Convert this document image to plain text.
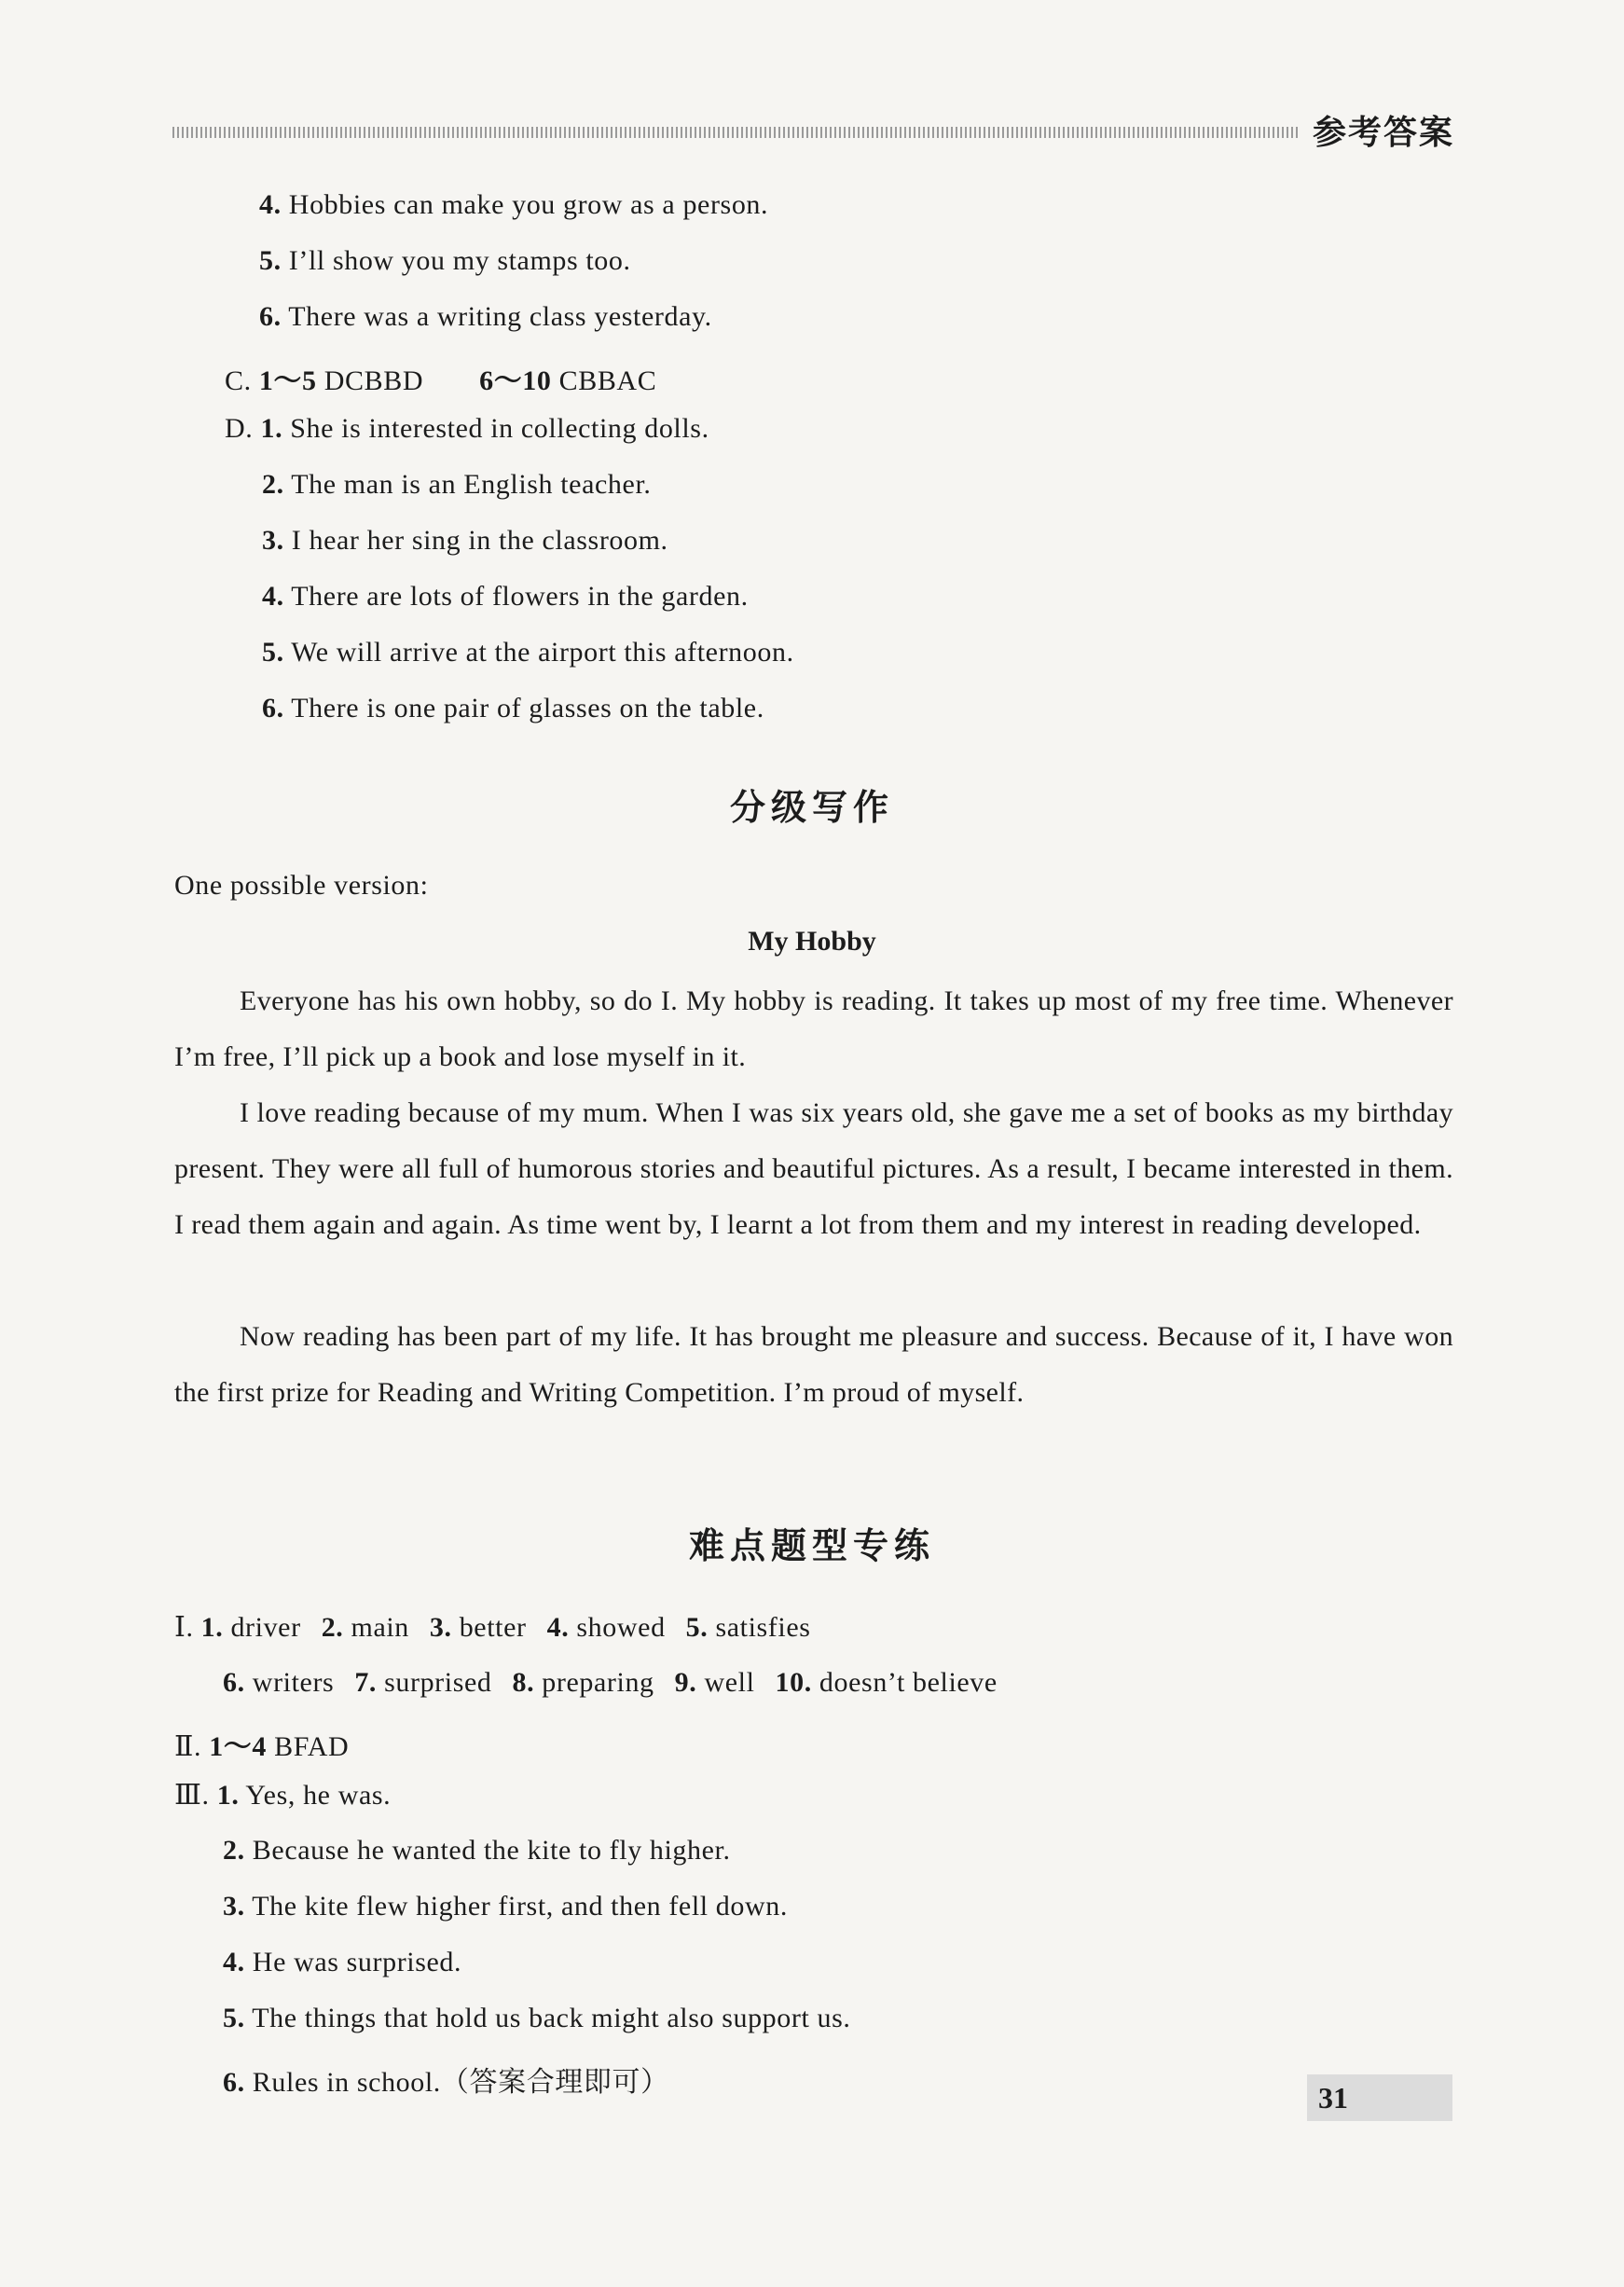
参考答案
4. Hobbies can make you grow as a person.
5. I’ll show you my stamps too.
6. There was a writing class yesterday.
C. 1～5 DCBBD 6～10 CBBAC
D. 1. She is interested in collecting dolls.
2. The man is an English teacher.
3. I hear her sing in the classroom.
4. There are lots of flowers in the garden.
5. We will arrive at the airport this afternoon.
6. There is one pair of glasses on the table.
分级写作
One possible version:
My Hobby
Everyone has his own hobby, so do I. My hobby is reading. It takes up most of my free time. Whenever I’m free, I’ll pick up a book and lose myself in it.
I love reading because of my mum. When I was six years old, she gave me a set of books as my birthday present. They were all full of humorous stories and beautiful pictures. As a result, I became interested in them. I read them again and again. As time went by, I learnt a lot from them and my interest in reading developed.
Now reading has been part of my life. It has brought me pleasure and success. Because of it, I have won the first prize for Reading and Writing Competition. I’m proud of myself.
难点题型专练
Ⅰ. 1. driver 2. main 3. better 4. showed 5. satisfies
6. writers 7. surprised 8. preparing 9. well 10. doesn’t believe
Ⅱ. 1～4 BFAD
Ⅲ. 1. Yes, he was.
2. Because he wanted the kite to fly higher.
3. The kite flew higher first, and then fell down.
4. He was surprised.
5. The things that hold us back might also support us.
6. Rules in school.（答案合理即可）	31
